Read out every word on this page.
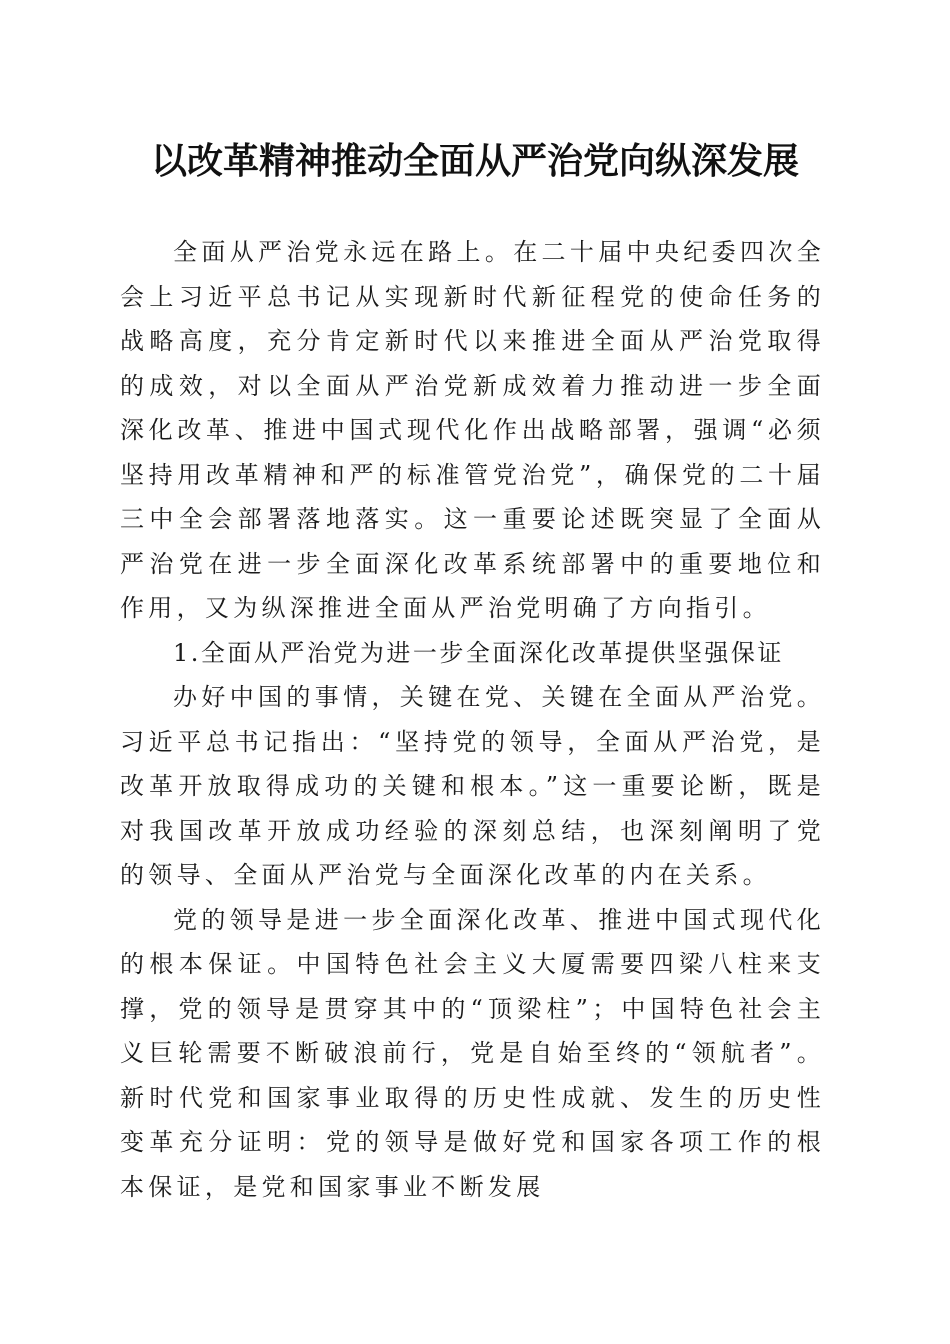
以改革精神推动全面从严治党向纵深发展

全面从严治党永远在路上。在二十届中央纪委四次全会上习近平总书记从实现新时代新征程党的使命任务的战略高度，充分肯定新时代以来推进全面从严治党取得的成效，对以全面从严治党新成效着力推动进一步全面深化改革、推进中国式现代化作出战略部署，强调“必须坚持用改革精神和严的标准管党治党”，确保党的二十届三中全会部署落地落实。这一重要论述既突显了全面从严治党在进一步全面深化改革系统部署中的重要地位和作用，又为纵深推进全面从严治党明确了方向指引。

1.全面从严治党为进一步全面深化改革提供坚强保证

办好中国的事情，关键在党、关键在全面从严治党。习近平总书记指出：“坚持党的领导，全面从严治党，是改革开放取得成功的关键和根本。”这一重要论断，既是对我国改革开放成功经验的深刻总结，也深刻阐明了党的领导、全面从严治党与全面深化改革的内在关系。

党的领导是进一步全面深化改革、推进中国式现代化的根本保证。中国特色社会主义大厦需要四梁八柱来支撑，党的领导是贯穿其中的“顶梁柱”；中国特色社会主义巨轮需要不断破浪前行，党是自始至终的“领航者”。新时代党和国家事业取得的历史性成就、发生的历史性变革充分证明：党的领导是做好党和国家各项工作的根本保证，是党和国家事业不断发展
